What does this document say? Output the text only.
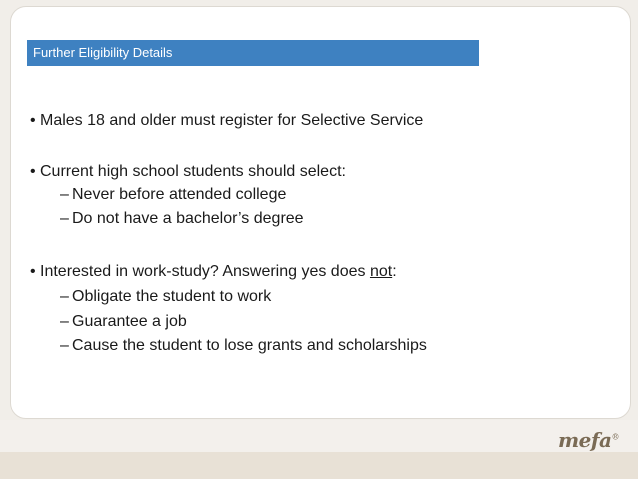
Further Eligibility Details
• Males 18 and older must register for Selective Service
• Current high school students should select:
– Never before attended college
– Do not have a bachelor’s degree
• Interested in work-study? Answering yes does not:
– Obligate the student to work
– Guarantee a job
– Cause the student to lose grants and scholarships
mefa®
